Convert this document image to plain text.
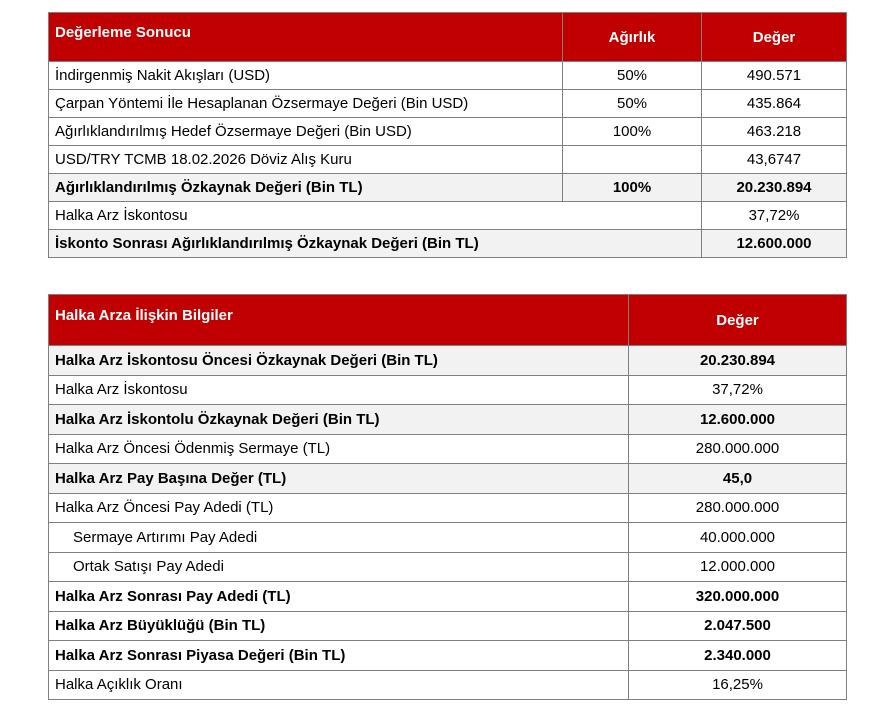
Değerleme Sonucu	Ağırlık	Değer
İndirgenmiş Nakit Akışları (USD)	50%	490.571
Çarpan Yöntemi İle Hesaplanan Özsermaye Değeri (Bin USD)	50%	435.864
Ağırlıklandırılmış Hedef Özsermaye Değeri (Bin USD)	100%	463.218
USD/TRY TCMB 18.02.2026 Döviz Alış Kuru		43,6747
Ağırlıklandırılmış Özkaynak Değeri (Bin TL)	100%	20.230.894
Halka Arz İskontosu		37,72%
İskonto Sonrası Ağırlıklandırılmış Özkaynak Değeri (Bin TL)		12.600.000
Halka Arza İlişkin Bilgiler	Değer
Halka Arz İskontosu Öncesi Özkaynak Değeri (Bin TL)	20.230.894
Halka Arz İskontosu	37,72%
Halka Arz İskontolu Özkaynak Değeri (Bin TL)	12.600.000
Halka Arz Öncesi Ödenmiş Sermaye (TL)	280.000.000
Halka Arz Pay Başına Değer (TL)	45,0
Halka Arz Öncesi Pay Adedi (TL)	280.000.000
Sermaye Artırımı Pay Adedi	40.000.000
Ortak Satışı Pay Adedi	12.000.000
Halka Arz Sonrası Pay Adedi (TL)	320.000.000
Halka Arz Büyüklüğü (Bin TL)	2.047.500
Halka Arz Sonrası Piyasa Değeri (Bin TL)	2.340.000
Halka Açıklık Oranı	16,25%
